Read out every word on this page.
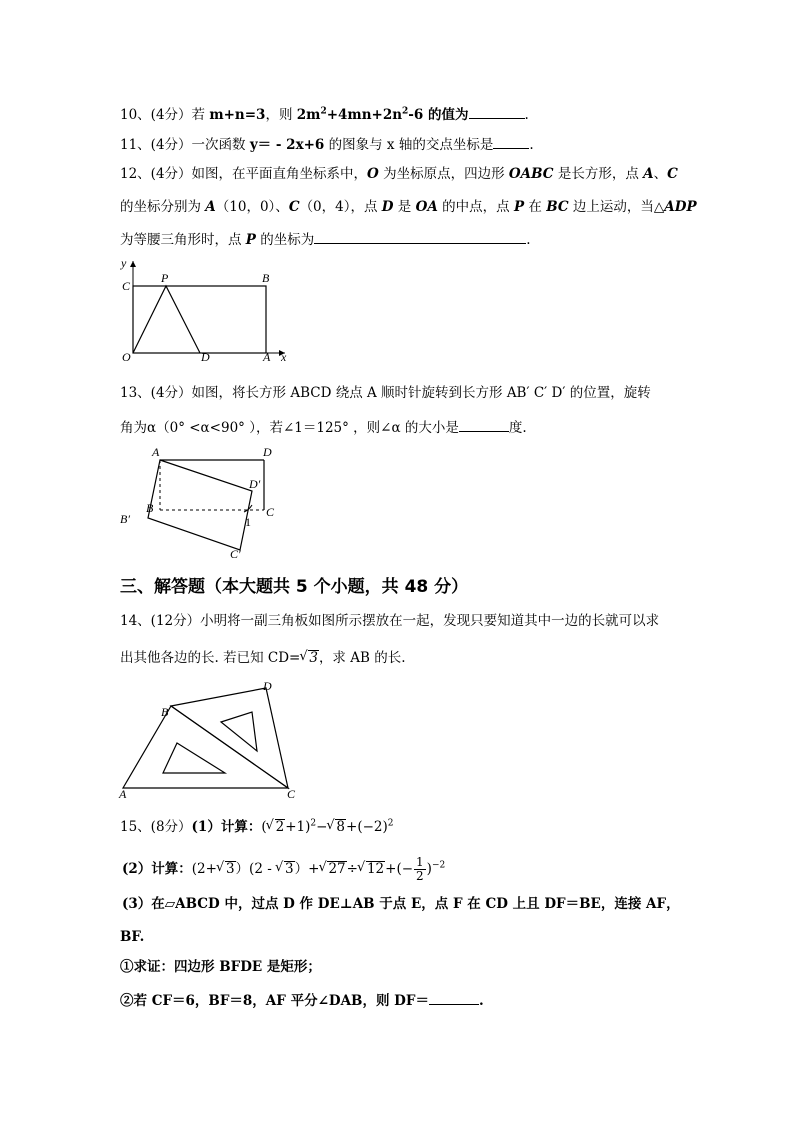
10、(4分）若 m+n=3，则 $2m^2+4mn+2n^2-6$ 的值为	.
11、(4分）一次函数 y＝ - 2x+6 的图象与 x 轴的交点坐标是	.
12、(4分）如图，在平面直角坐标系中，O 为坐标原点，四边形 OABC 是长方形，点 A、C
的坐标分别为 A（10，0）、C（0，4），点 D 是 OA 的中点，点 P 在 BC 边上运动，当△ADP
为等腰三角形时，点 P 的坐标为	.
y
C
P	B
O	D	A x
13、(4分）如图，将长方形 ABCD 绕点 A 顺时针旋转到长方形 AB′ C′ D′ 的位置，旋转
角为α（0° <α<90° ），若∠1＝125° ，则∠α 的大小是	度.
A	D
D′
B′
B
1
C
C′
三、解答题（本大题共 5 个小题，共 48 分）
14、(12分）小明将一副三角板如图所示摆放在一起，发现只要知道其中一边的长就可以求
出其他各边的长. 若已知 CD= √ 3，求 AB 的长.
B
D
A	C
15、(8分）(1）计算：( √ 2+1)$^2$− √ $8+(-2)^2$
(2）计算：(2+ √ 3）(2 - √ 3）+ √ 27÷ √ $12+(- \frac{1}{2} )^{-2}$
(3）在▱ABCD 中，过点 D 作 DE⊥AB 于点 E，点 F 在 CD 上且 DF＝BE，连接 AF，
BF.
①求证：四边形 BFDE 是矩形；
②若 CF＝6，BF＝8，AF 平分∠DAB，则 DF＝	.
